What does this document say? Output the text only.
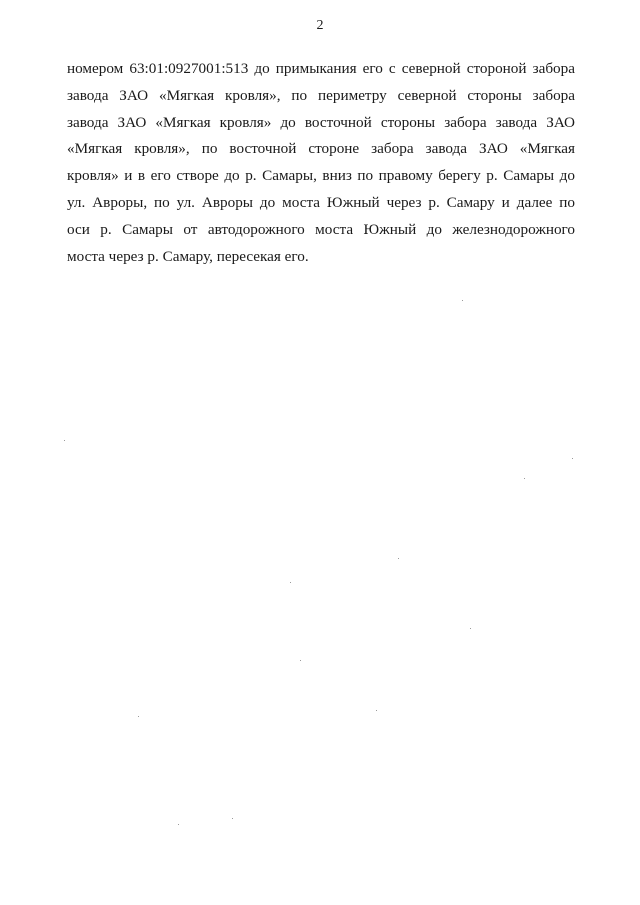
2
номером 63:01:0927001:513 до примыкания его с северной стороной забора
завода ЗАО «Мягкая кровля», по периметру северной стороны забора
завода ЗАО «Мягкая кровля» до восточной стороны забора завода ЗАО
«Мягкая кровля», по восточной стороне забора завода ЗАО «Мягкая
кровля» и в его створе до р. Самары, вниз по правому берегу р. Самары до
ул. Авроры, по ул. Авроры до моста Южный через р. Самару и далее по
оси р. Самары от автодорожного моста Южный до железнодорожного
моста через р. Самару, пересекая его.
